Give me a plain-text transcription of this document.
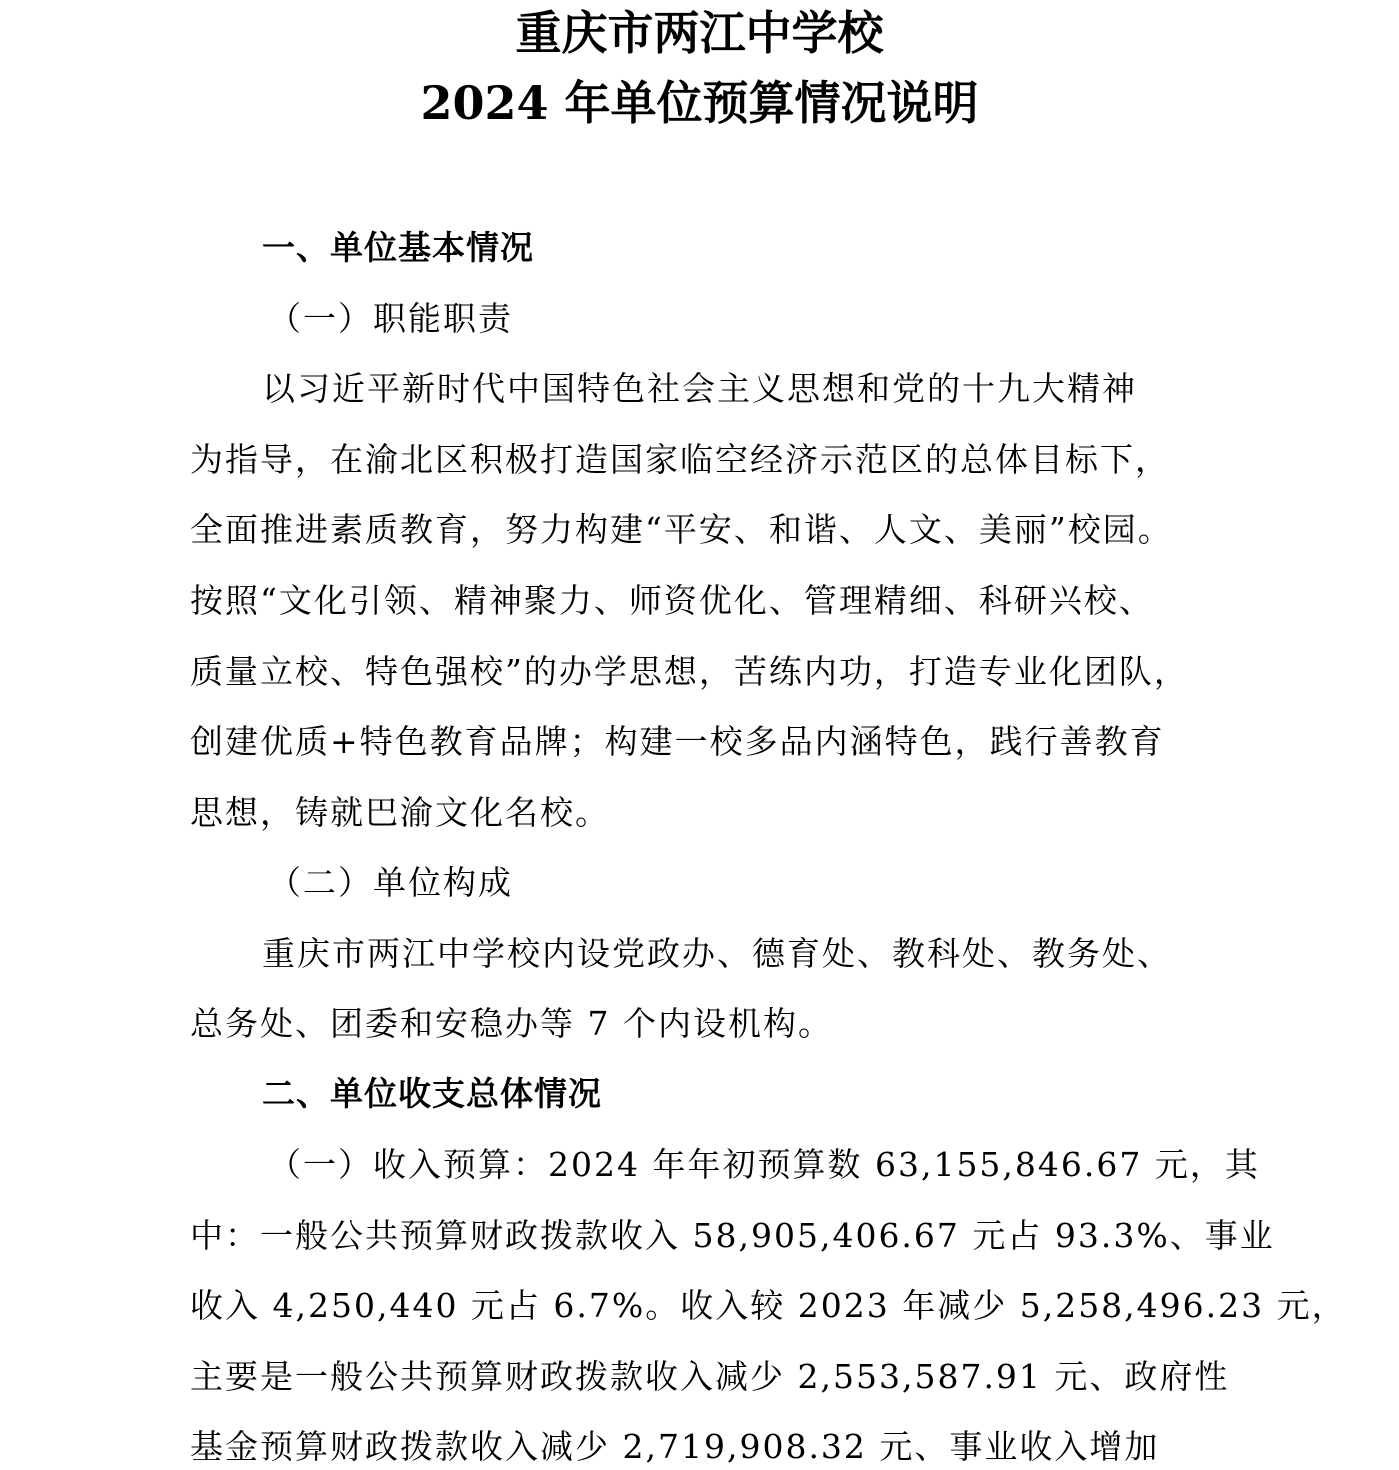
重庆市两江中学校
2024 年单位预算情况说明
一、单位基本情况
（一）职能职责
以习近平新时代中国特色社会主义思想和党的十九大精神
为指导，在渝北区积极打造国家临空经济示范区的总体目标下，
全面推进素质教育，努力构建“平安、和谐、人文、美丽”校园。
按照“文化引领、精神聚力、师资优化、管理精细、科研兴校、
质量立校、特色强校”的办学思想，苦练内功，打造专业化团队，
创建优质+特色教育品牌；构建一校多品内涵特色，践行善教育
思想，铸就巴渝文化名校。
（二）单位构成
重庆市两江中学校内设党政办、德育处、教科处、教务处、
总务处、团委和安稳办等 7 个内设机构。
二、单位收支总体情况
（一）收入预算：2024 年年初预算数 63,155,846.67 元，其
中：一般公共预算财政拨款收入 58,905,406.67 元占 93.3%、事业
收入 4,250,440 元占 6.7%。收入较 2023 年减少 5,258,496.23 元，
主要是一般公共预算财政拨款收入减少 2,553,587.91 元、政府性
基金预算财政拨款收入减少 2,719,908.32 元、事业收入增加
